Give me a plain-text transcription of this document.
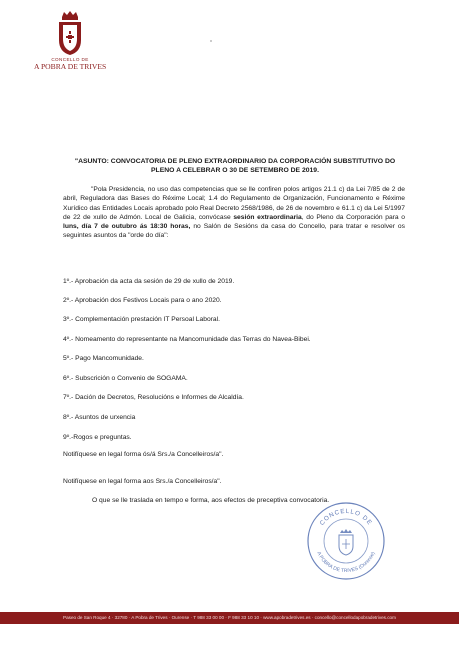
CONCELLO DE
A POBRA DE TRIVES
"ASUNTO: CONVOCATORIA DE PLENO EXTRAORDINARIO DA CORPORACIÓN SUBSTITUTIVO DO PLENO A CELEBRAR O 30 DE SETEMBRO DE 2019.
"Pola Presidencia, no uso das competencias que se lle confiren polos artigos 21.1 c) da Lei 7/85 de 2 de abril, Reguladora das Bases do Réxime Local; 1.4 do Regulamento de Organización, Funcionamento e Réxime Xurídico das Entidades Locais aprobado polo Real Decreto 2568/1986, de 26 de novembro e 61.1 c) da Lei 5/1997 de 22 de xullo de Admón. Local de Galicia, convócase sesión extraordinaria, do Pleno da Corporación para o luns, día 7 de outubro ás 18:30 horas, no Salón de Sesións da casa do Concello, para tratar e resolver os seguintes asuntos da "orde do día":
1º.- Aprobación da acta da sesión de 29 de xullo de 2019.
2º.- Aprobación dos Festivos Locais para o ano 2020.
3º.- Complementación prestación IT Persoal Laboral.
4º.- Nomeamento do representante na Mancomunidade das Terras do Navea-Bibei.
5º.- Pago Mancomunidade.
6º.- Subscrición o Convenio de SOGAMA.
7º.- Dación de Decretos, Resolucións e Informes de Alcaldía.
8º.- Asuntos de urxencia
9º.-Rogos e preguntas.
Notifíquese en legal forma ós/á Srs./a Concelleiros/a".
Notifíquese en legal forma aos Srs./a Concelleiros/a".
O que se lle traslada en tempo e forma, aos efectos de preceptiva convocatoria.
CONCELLO DE
A POBRA DE TRIVES (Ourense)
Paseo de San Roque 4 · 32780 · A Pobra de Trives · Ourense · T 988 33 00 00 · F 988 33 10 10 · www.apobradetrives.es · concello@concellodapobradetrives.com
